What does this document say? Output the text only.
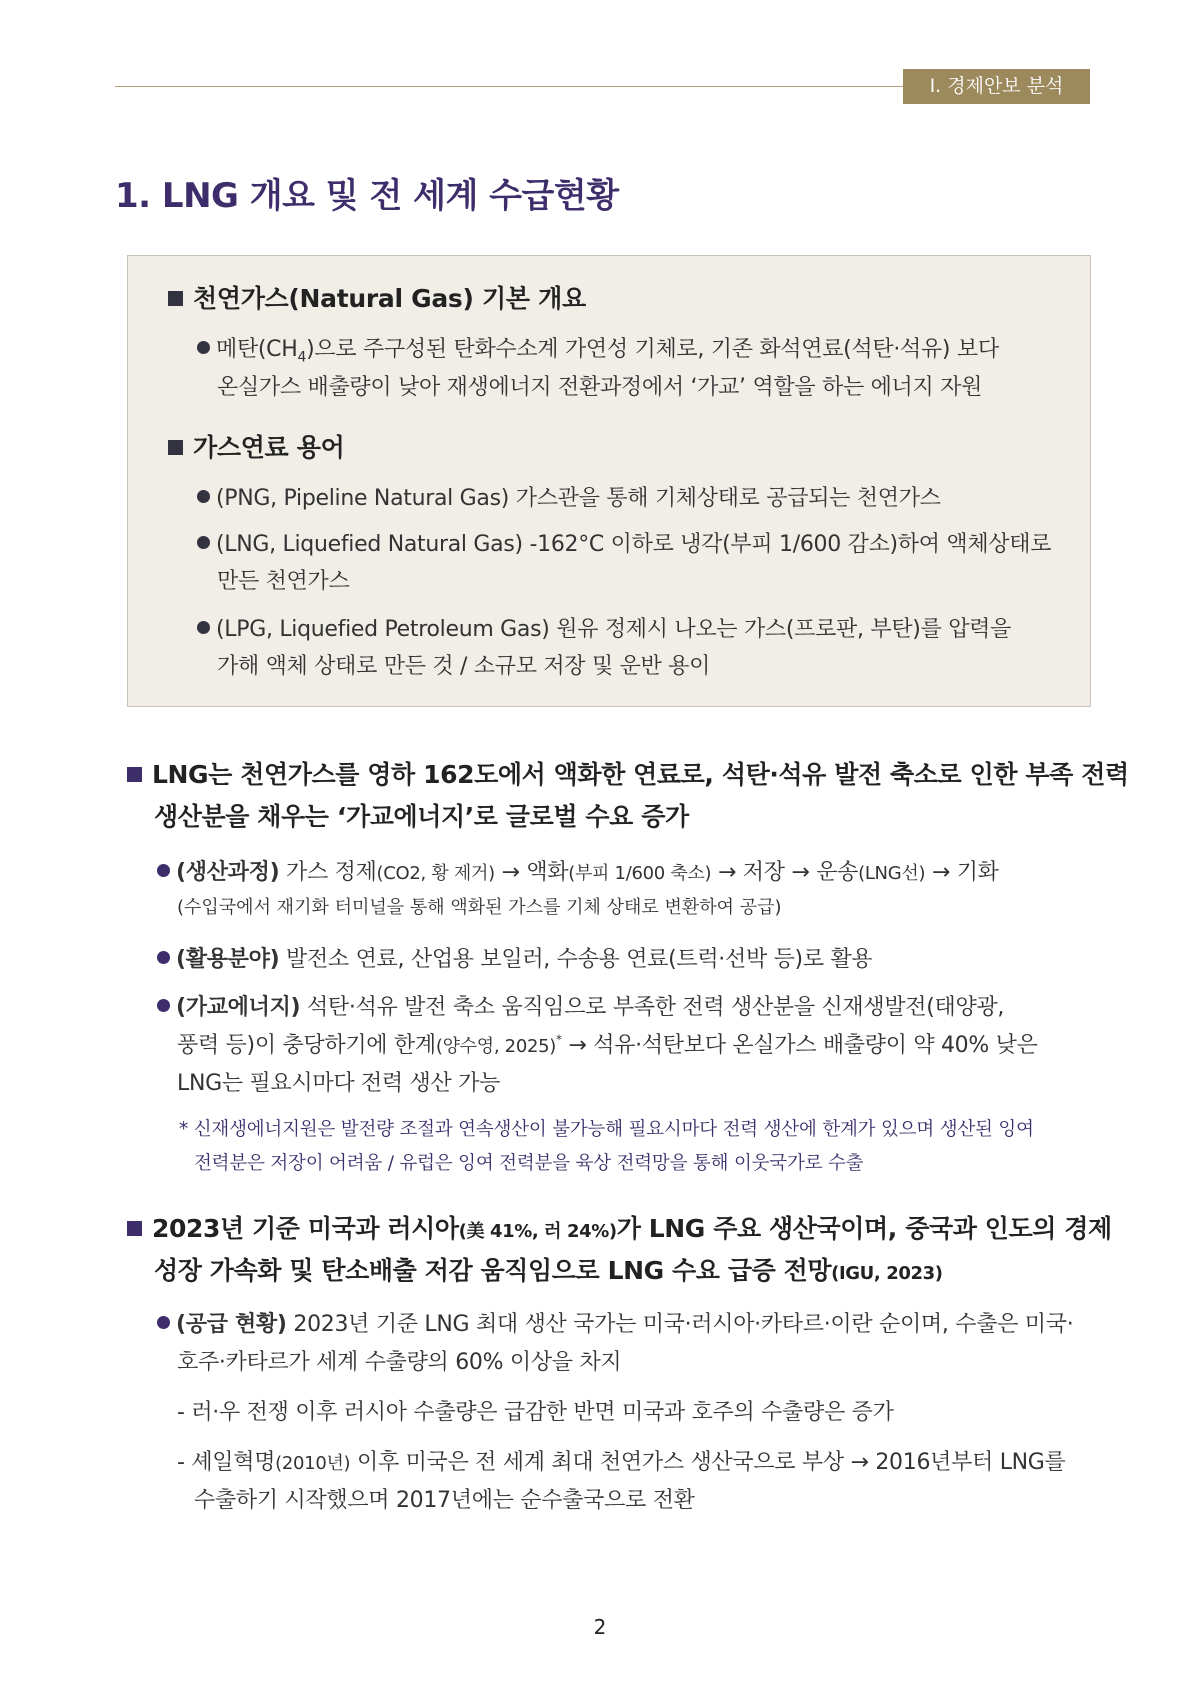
Ⅰ. 경제안보 분석
1. LNG 개요 및 전 세계 수급현황
천연가스(Natural Gas) 기본 개요
메탄$(CH_4)$으로 주구성된 탄화수소계 가연성 기체로, 기존 화석연료(석탄·석유) 보다
온실가스 배출량이 낮아 재생에너지 전환과정에서 ‘가교’ 역할을 하는 에너지 자원
가스연료 용어
(PNG, Pipeline Natural Gas) 가스관을 통해 기체상태로 공급되는 천연가스
(LNG, Liquefied Natural Gas) -162°C 이하로 냉각(부피 1/600 감소)하여 액체상태로
만든 천연가스
(LPG, Liquefied Petroleum Gas) 원유 정제시 나오는 가스(프로판, 부탄)를 압력을
가해 액체 상태로 만든 것 / 소규모 저장 및 운반 용이
LNG는 천연가스를 영하 162도에서 액화한 연료로, 석탄·석유 발전 축소로 인한 부족 전력
생산분을 채우는 ‘가교에너지’로 글로벌 수요 증가
(생산과정) 가스 정제(CO2, 황 제거) → 액화(부피 1/600 축소) → 저장 → 운송(LNG선) → 기화
(수입국에서 재기화 터미널을 통해 액화된 가스를 기체 상태로 변환하여 공급)
(활용분야) 발전소 연료, 산업용 보일러, 수송용 연료(트럭·선박 등)로 활용
(가교에너지) 석탄·석유 발전 축소 움직임으로 부족한 전력 생산분을 신재생발전(태양광,
풍력 등)이 충당하기에 한계(양수영, 2025)* → 석유·석탄보다 온실가스 배출량이 약 40% 낮은
LNG는 필요시마다 전력 생산 가능
* 신재생에너지원은 발전량 조절과 연속생산이 불가능해 필요시마다 전력 생산에 한계가 있으며 생산된 잉여
전력분은 저장이 어려움 / 유럽은 잉여 전력분을 육상 전력망을 통해 이웃국가로 수출
2023년 기준 미국과 러시아(美 41%, 러 24%)가 LNG 주요 생산국이며, 중국과 인도의 경제
성장 가속화 및 탄소배출 저감 움직임으로 LNG 수요 급증 전망(IGU, 2023)
(공급 현황) 2023년 기준 LNG 최대 생산 국가는 미국·러시아·카타르·이란 순이며, 수출은 미국·
호주·카타르가 세계 수출량의 60% 이상을 차지
- 러·우 전쟁 이후 러시아 수출량은 급감한 반면 미국과 호주의 수출량은 증가
- 셰일혁명(2010년) 이후 미국은 전 세계 최대 천연가스 생산국으로 부상 → 2016년부터 LNG를
수출하기 시작했으며 2017년에는 순수출국으로 전환
2
